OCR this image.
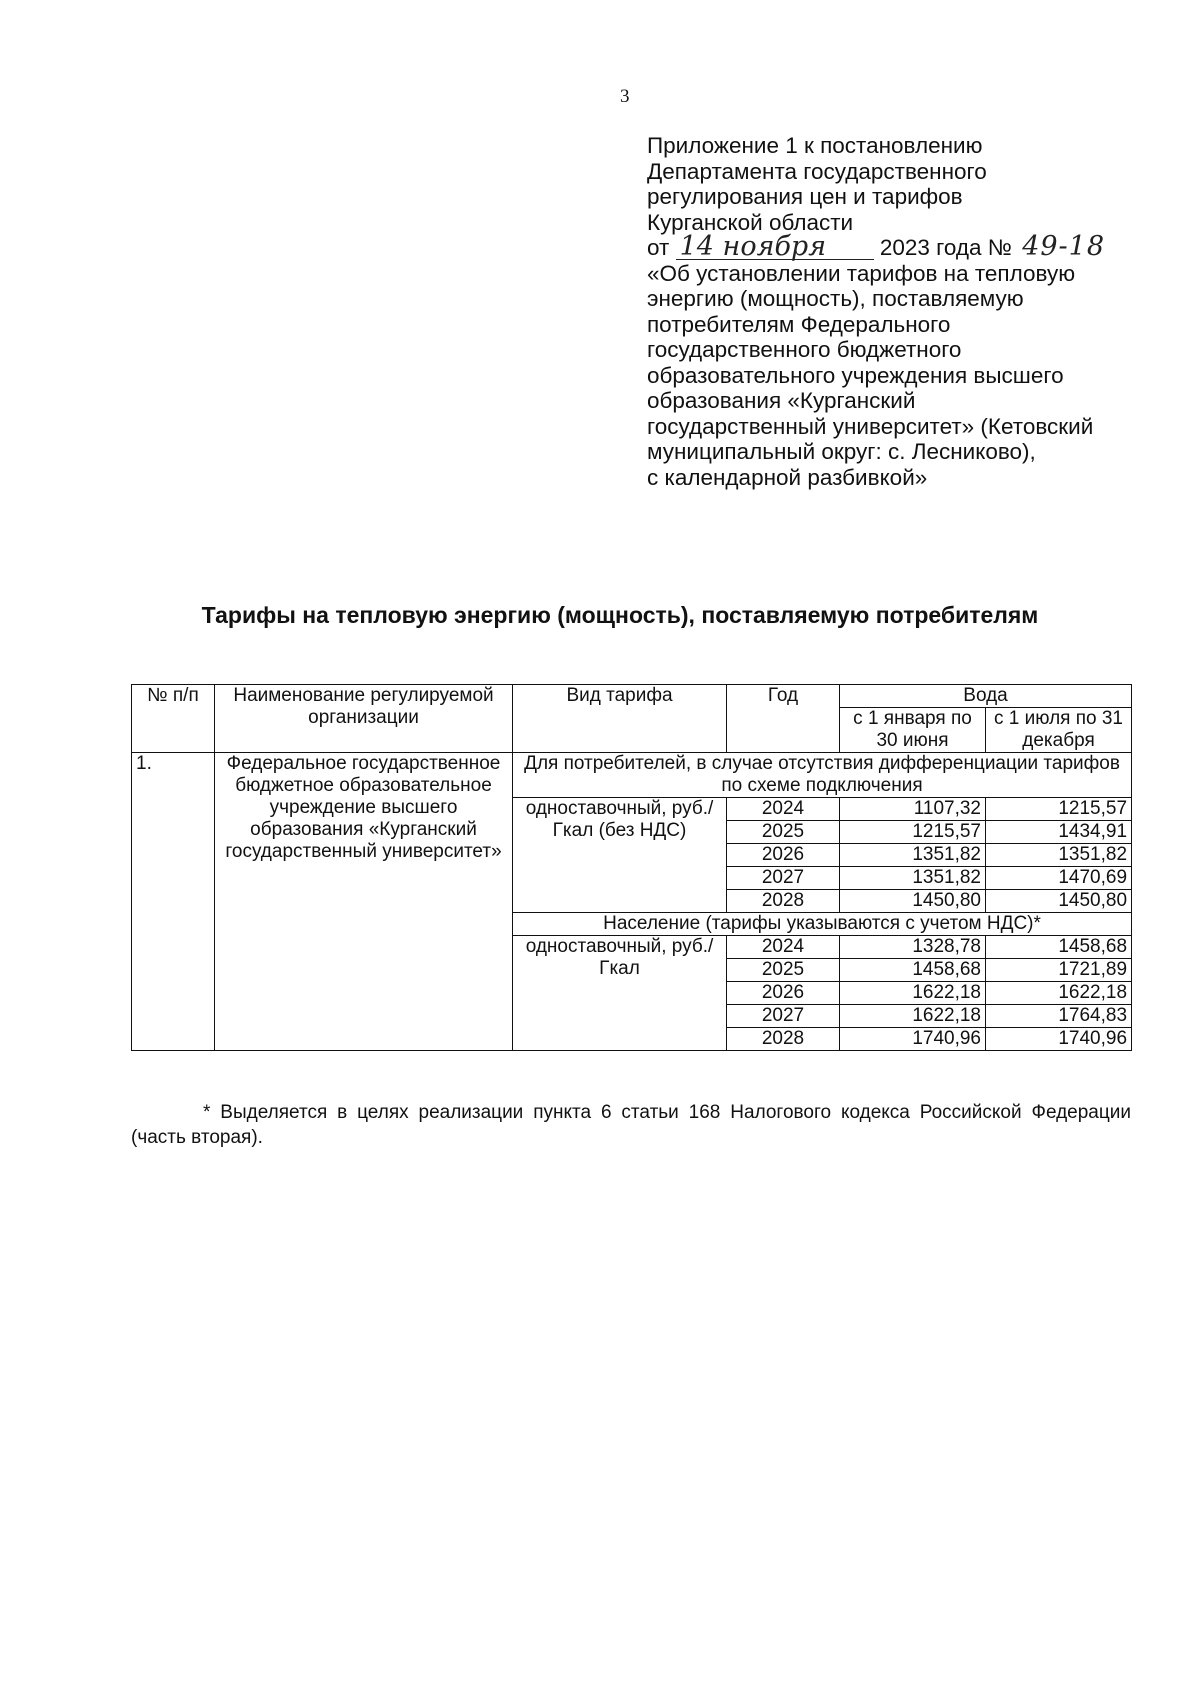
3
Приложение 1 к постановлению
Департамента государственного
регулирования цен и тарифов
Курганской области
от 14 ноября 2023 года № 49-18
«Об установлении тарифов на тепловую
энергию (мощность), поставляемую
потребителям Федерального
государственного бюджетного
образовательного учреждения высшего
образования «Курганский
государственный университет» (Кетовский
муниципальный округ: с. Лесниково),
с календарной разбивкой»
Тарифы на тепловую энергию (мощность), поставляемую потребителям
№ п/п	Наименование регулируемой организации	Вид тарифа	Год	Вода	
				с 1 января по 30 июня	с 1 июля по 31 декабря
1.	Федеральное государственное бюджетное образовательное учреждение высшего образования «Курганский государственный университет»	Для потребителей, в случае отсутствия дифференциации тарифов по схеме подключения			
		одноставочный, руб./Гкал (без НДС)	2024	1107,32	1215,57
			2025	1215,57	1434,91
			2026	1351,82	1351,82
			2027	1351,82	1470,69
			2028	1450,80	1450,80
		Население (тарифы указываются с учетом НДС)*			
		одноставочный, руб./Гкал	2024	1328,78	1458,68
			2025	1458,68	1721,89
			2026	1622,18	1622,18
			2027	1622,18	1764,83
			2028	1740,96	1740,96
* Выделяется в целях реализации пункта 6 статьи 168 Налогового кодекса Российской Федерации (часть вторая).
